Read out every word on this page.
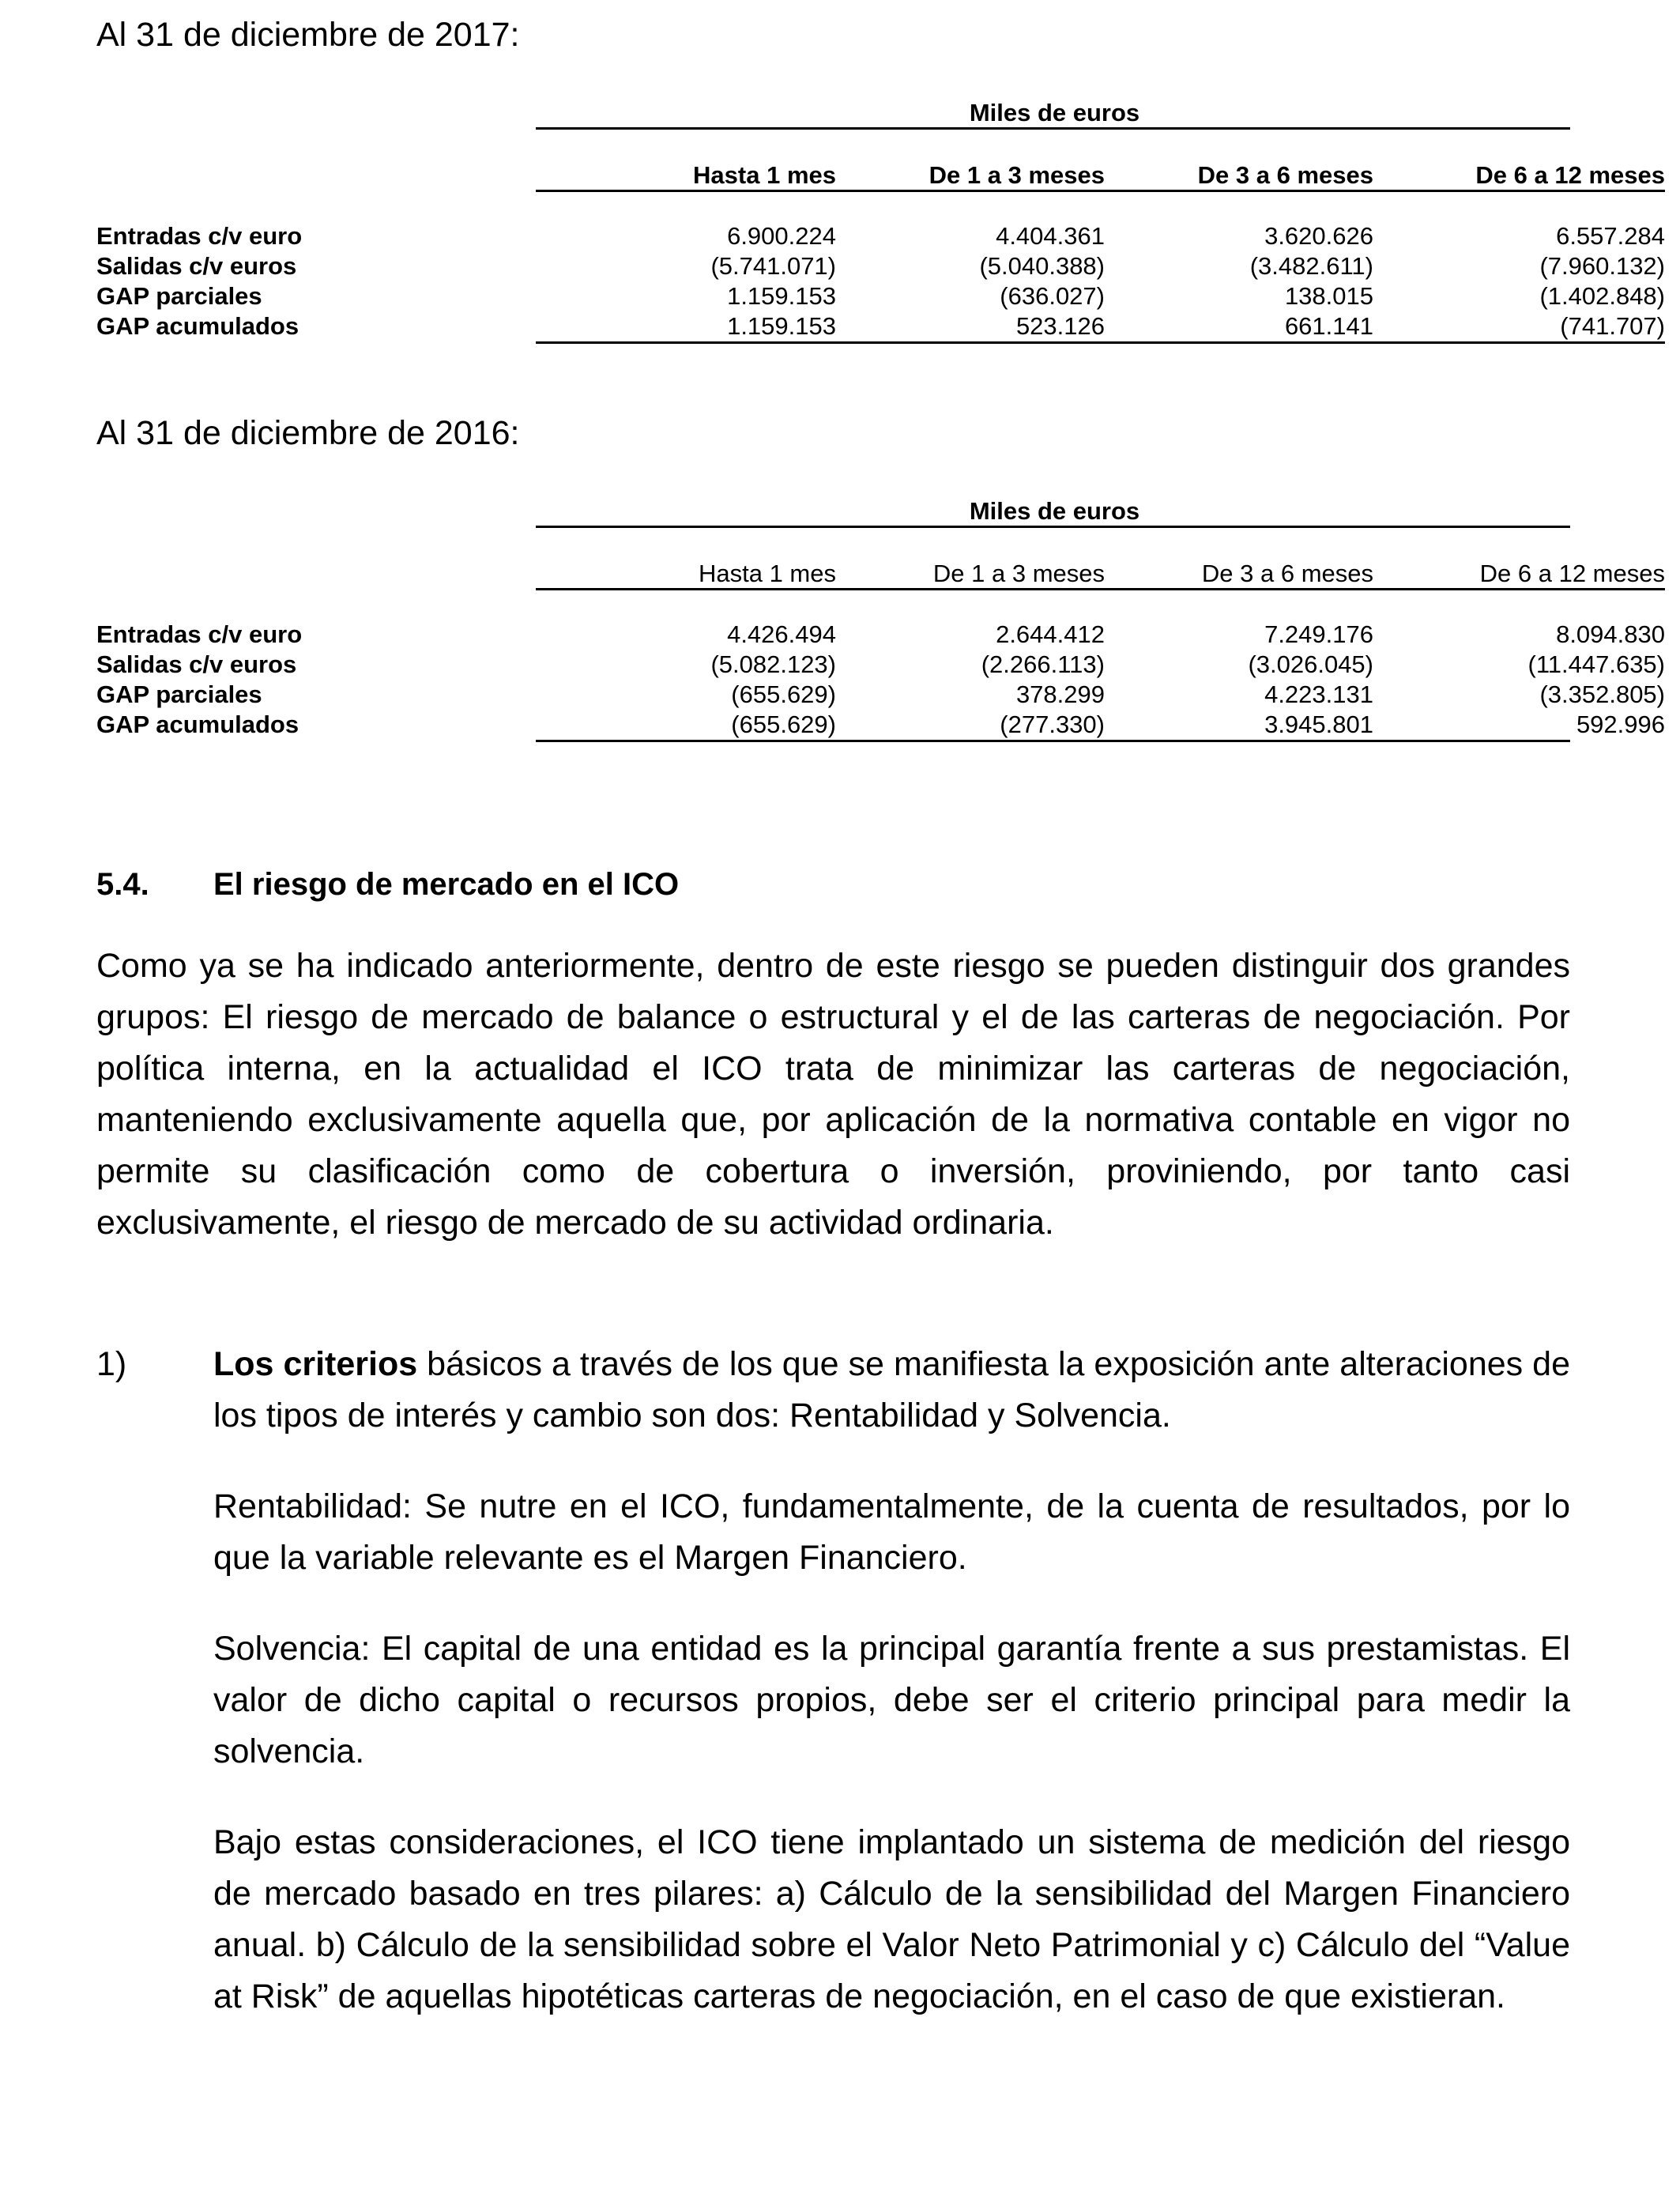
Al 31 de diciembre de 2017:
Miles de euros
Hasta 1 mes	De 1 a 3 meses	De 3 a 6 meses	De 6 a 12 meses
Entradas c/v euro	6.900.224	4.404.361	3.620.626	6.557.284
Salidas c/v euros	(5.741.071)	(5.040.388)	(3.482.611)	(7.960.132)
GAP parciales	1.159.153	(636.027)	138.015	(1.402.848)
GAP acumulados	1.159.153	523.126	661.141	(741.707)
Al 31 de diciembre de 2016:
Miles de euros
Hasta 1 mes	De 1 a 3 meses	De 3 a 6 meses	De 6 a 12 meses
Entradas c/v euro	4.426.494	2.644.412	7.249.176	8.094.830
Salidas c/v euros	(5.082.123)	(2.266.113)	(3.026.045)	(11.447.635)
GAP parciales	(655.629)	378.299	4.223.131	(3.352.805)
GAP acumulados	(655.629)	(277.330)	3.945.801	592.996
5.4. El riesgo de mercado en el ICO

Como ya se ha indicado anteriormente, dentro de este riesgo se pueden distinguir dos grandes grupos: El riesgo de mercado de balance o estructural y el de las carteras de negociación. Por política interna, en la actualidad el ICO trata de minimizar las carteras de negociación, manteniendo exclusivamente aquella que, por aplicación de la normativa contable en vigor no permite su clasificación como de cobertura o inversión, proviniendo, por tanto casi exclusivamente, el riesgo de mercado de su actividad ordinaria.

1)	Los criterios básicos a través de los que se manifiesta la exposición ante alteraciones de los tipos de interés y cambio son dos: Rentabilidad y Solvencia.

Rentabilidad: Se nutre en el ICO, fundamentalmente, de la cuenta de resultados, por lo que la variable relevante es el Margen Financiero.

Solvencia: El capital de una entidad es la principal garantía frente a sus prestamistas. El valor de dicho capital o recursos propios, debe ser el criterio principal para medir la solvencia.

Bajo estas consideraciones, el ICO tiene implantado un sistema de medición del riesgo de mercado basado en tres pilares: a) Cálculo de la sensibilidad del Margen Financiero anual. b) Cálculo de la sensibilidad sobre el Valor Neto Patrimonial y c) Cálculo del “Value at Risk” de aquellas hipotéticas carteras de negociación, en el caso de que existieran.
